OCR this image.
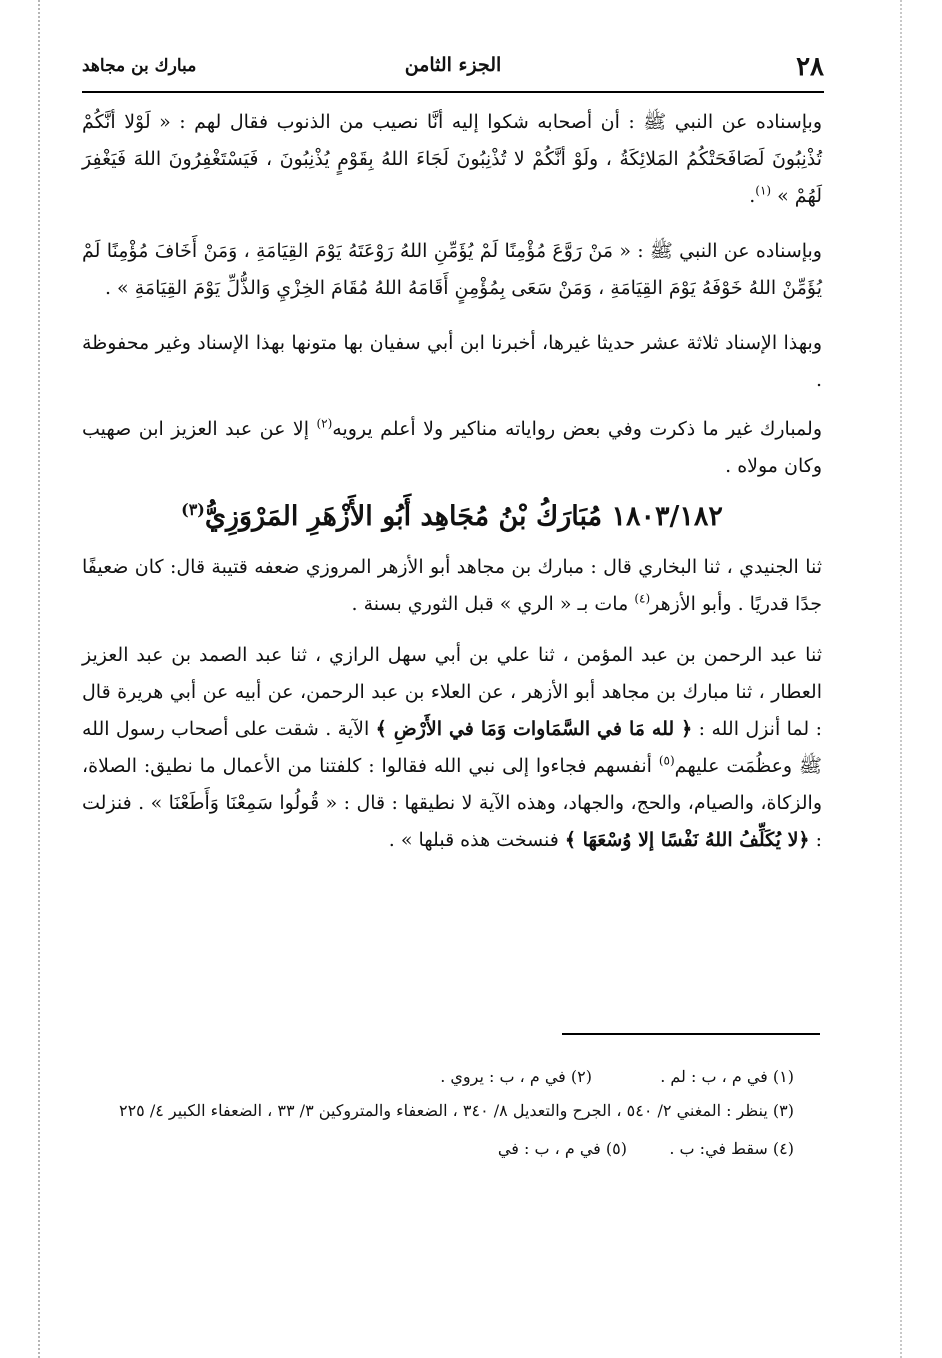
٢٨
الجزء الثامن
مبارك بن مجاهد

وبإسناده عن النبي ﷺ : أن أصحابه شكوا إليه أنَّا نصيب من الذنوب فقال لهم : « لَوْلا أنَّكُمْ تُذْنِبُونَ لَصَافَحَتْكُمُ المَلائِكَةُ ، ولَوْ أنَّكُمْ لا تُذْنِبُونَ لَجَاءَ اللهُ بِقَوْمٍ يُذْنِبُونَ ، فَيَسْتَغْفِرُونَ اللهَ فَيَغْفِرَ لَهُمْ » $^{(١)}$.

وبإسناده عن النبي ﷺ : « مَنْ رَوَّعَ مُؤْمِنًا لَمْ يُؤَمِّنِ اللهُ رَوْعَتَهُ يَوْمَ القِيَامَةِ ، وَمَنْ أَخَافَ مُؤْمِنًا لَمْ يُؤَمِّنْ اللهُ خَوْفَهُ يَوْمَ القِيَامَةِ ، وَمَنْ سَعَى بِمُؤْمِنٍ أَقَامَهُ اللهُ مُقَامَ الخِزْيِ وَالذُّلِّ يَوْمَ القِيَامَةِ » .

وبهذا الإسناد ثلاثة عشر حديثا غيرها، أخبرنا ابن أبي سفيان بها متونها بهذا الإسناد وغير محفوظة .

ولمبارك غير ما ذكرت وفي بعض رواياته مناكير ولا أعلم يرويه$^{(٢)}$ إلا عن عبد العزيز ابن صهيب وكان مولاه .

١٨٠٣/١٨٢ مُبَارَكُ بْنُ مُجَاهِد أَبُو الأَزْهَرِ المَرْوَزِيُّ$^{(٣)}$

ثنا الجنيدي ، ثنا البخاري قال : مبارك بن مجاهد أبو الأزهر المروزي ضعفه قتيبة قال: كان ضعيفًا جدًا قدريًا . وأبو الأزهر$^{(٤)}$ مات بـ « الري » قبل الثوري بسنة .

ثنا عبد الرحمن بن عبد المؤمن ، ثنا علي بن أبي سهل الرازي ، ثنا عبد الصمد بن عبد العزيز العطار ، ثنا مبارك بن مجاهد أبو الأزهر ، عن العلاء بن عبد الرحمن، عن أبيه عن أبي هريرة قال : لما أنزل الله : ﴿ لله مَا في السَّمَاوات وَمَا في الأَرْضِ ﴾ الآية . شقت على أصحاب رسول الله ﷺ وعظُمَت عليهم$^{(٥)}$ أنفسهم فجاءوا إلى نبي الله فقالوا : كلفتنا من الأعمال ما نطيق: الصلاة، والزكاة، والصيام، والحج، والجهاد، وهذه الآية لا نطيقها : قال : « قُولُوا سَمِعْنَا وَأَطَعْنَا » . فنزلت : ﴿لا يُكَلِّفُ اللهُ نَفْسًا إلا وُسْعَهَا ﴾ فنسخت هذه قبلها » .

(١) في م ، ب : لم .
(٢) في م ، ب : يروي .
(٣) ينظر : المغني ٢/ ٥٤٠ ، الجرح والتعديل ٨/ ٣٤٠ ، الضعفاء والمتروكين ٣/ ٣٣ ، الضعفاء الكبير ٤/ ٢٢٥
(٤) سقط في: ب .
(٥) في م ، ب : في
